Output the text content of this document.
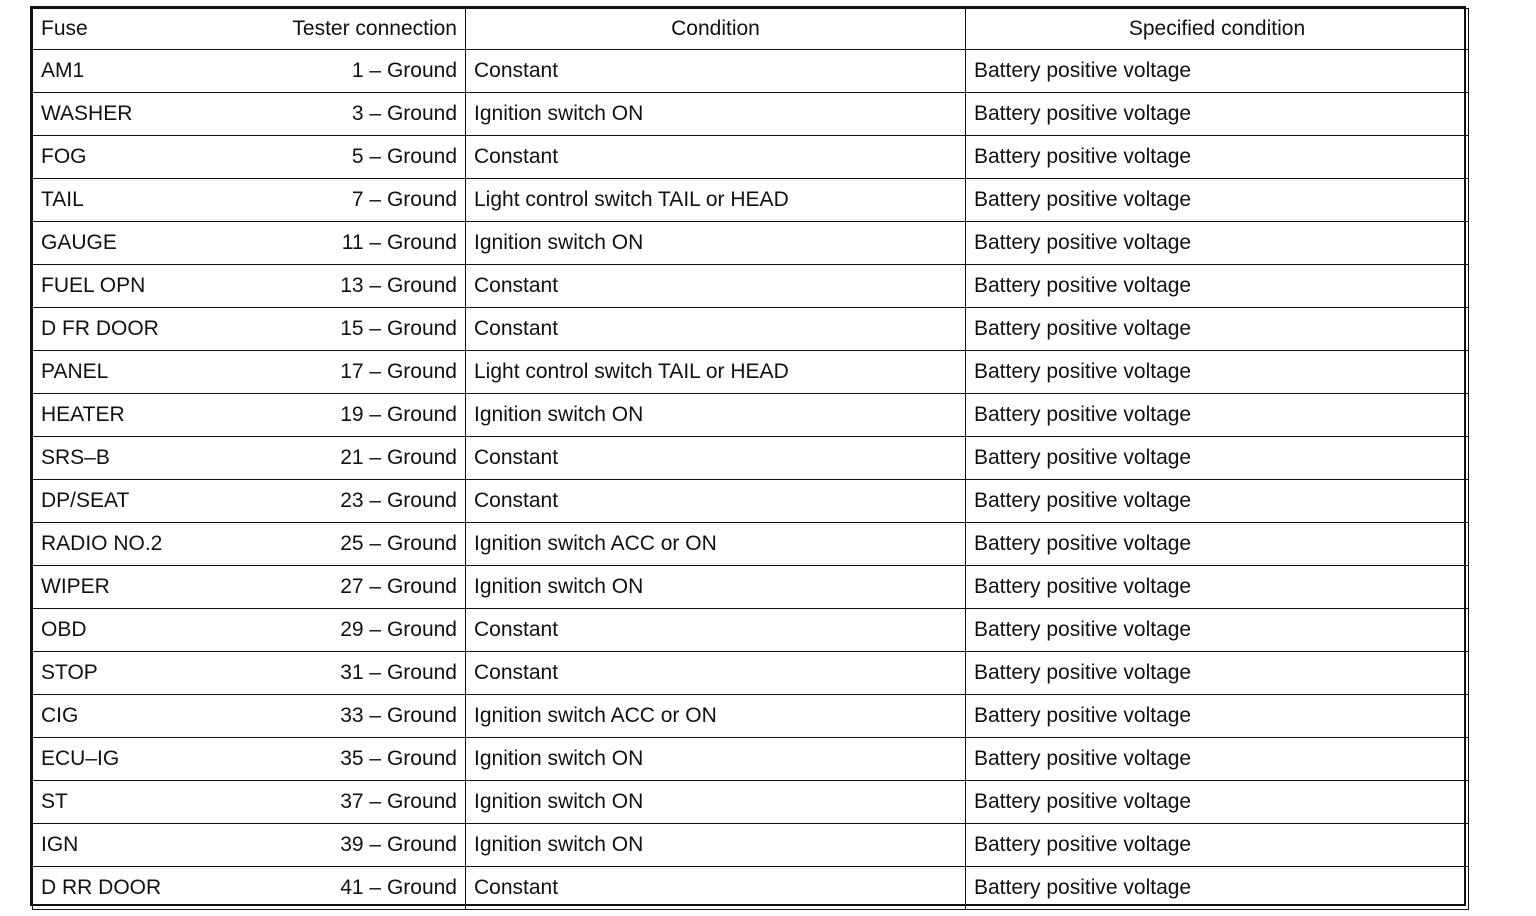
Fuse Tester connection	Condition	Specified condition

AM1 1 – Ground	Constant	Battery positive voltage

WASHER 3 – Ground	Ignition switch ON	Battery positive voltage

FOG 5 – Ground	Constant	Battery positive voltage

TAIL 7 – Ground	Light control switch TAIL or HEAD	Battery positive voltage

GAUGE 11 – Ground	Ignition switch ON	Battery positive voltage

FUEL OPN 13 – Ground	Constant	Battery positive voltage

D FR DOOR 15 – Ground	Constant	Battery positive voltage

PANEL 17 – Ground	Light control switch TAIL or HEAD	Battery positive voltage

HEATER 19 – Ground	Ignition switch ON	Battery positive voltage

SRS–B 21 – Ground	Constant	Battery positive voltage

DP/SEAT 23 – Ground	Constant	Battery positive voltage

RADIO NO.2 25 – Ground	Ignition switch ACC or ON	Battery positive voltage

WIPER 27 – Ground	Ignition switch ON	Battery positive voltage

OBD 29 – Ground	Constant	Battery positive voltage

STOP 31 – Ground	Constant	Battery positive voltage

CIG 33 – Ground	Ignition switch ACC or ON	Battery positive voltage

ECU–IG 35 – Ground	Ignition switch ON	Battery positive voltage

ST 37 – Ground	Ignition switch ON	Battery positive voltage

IGN 39 – Ground	Ignition switch ON	Battery positive voltage

D RR DOOR 41 – Ground	Constant	Battery positive voltage
